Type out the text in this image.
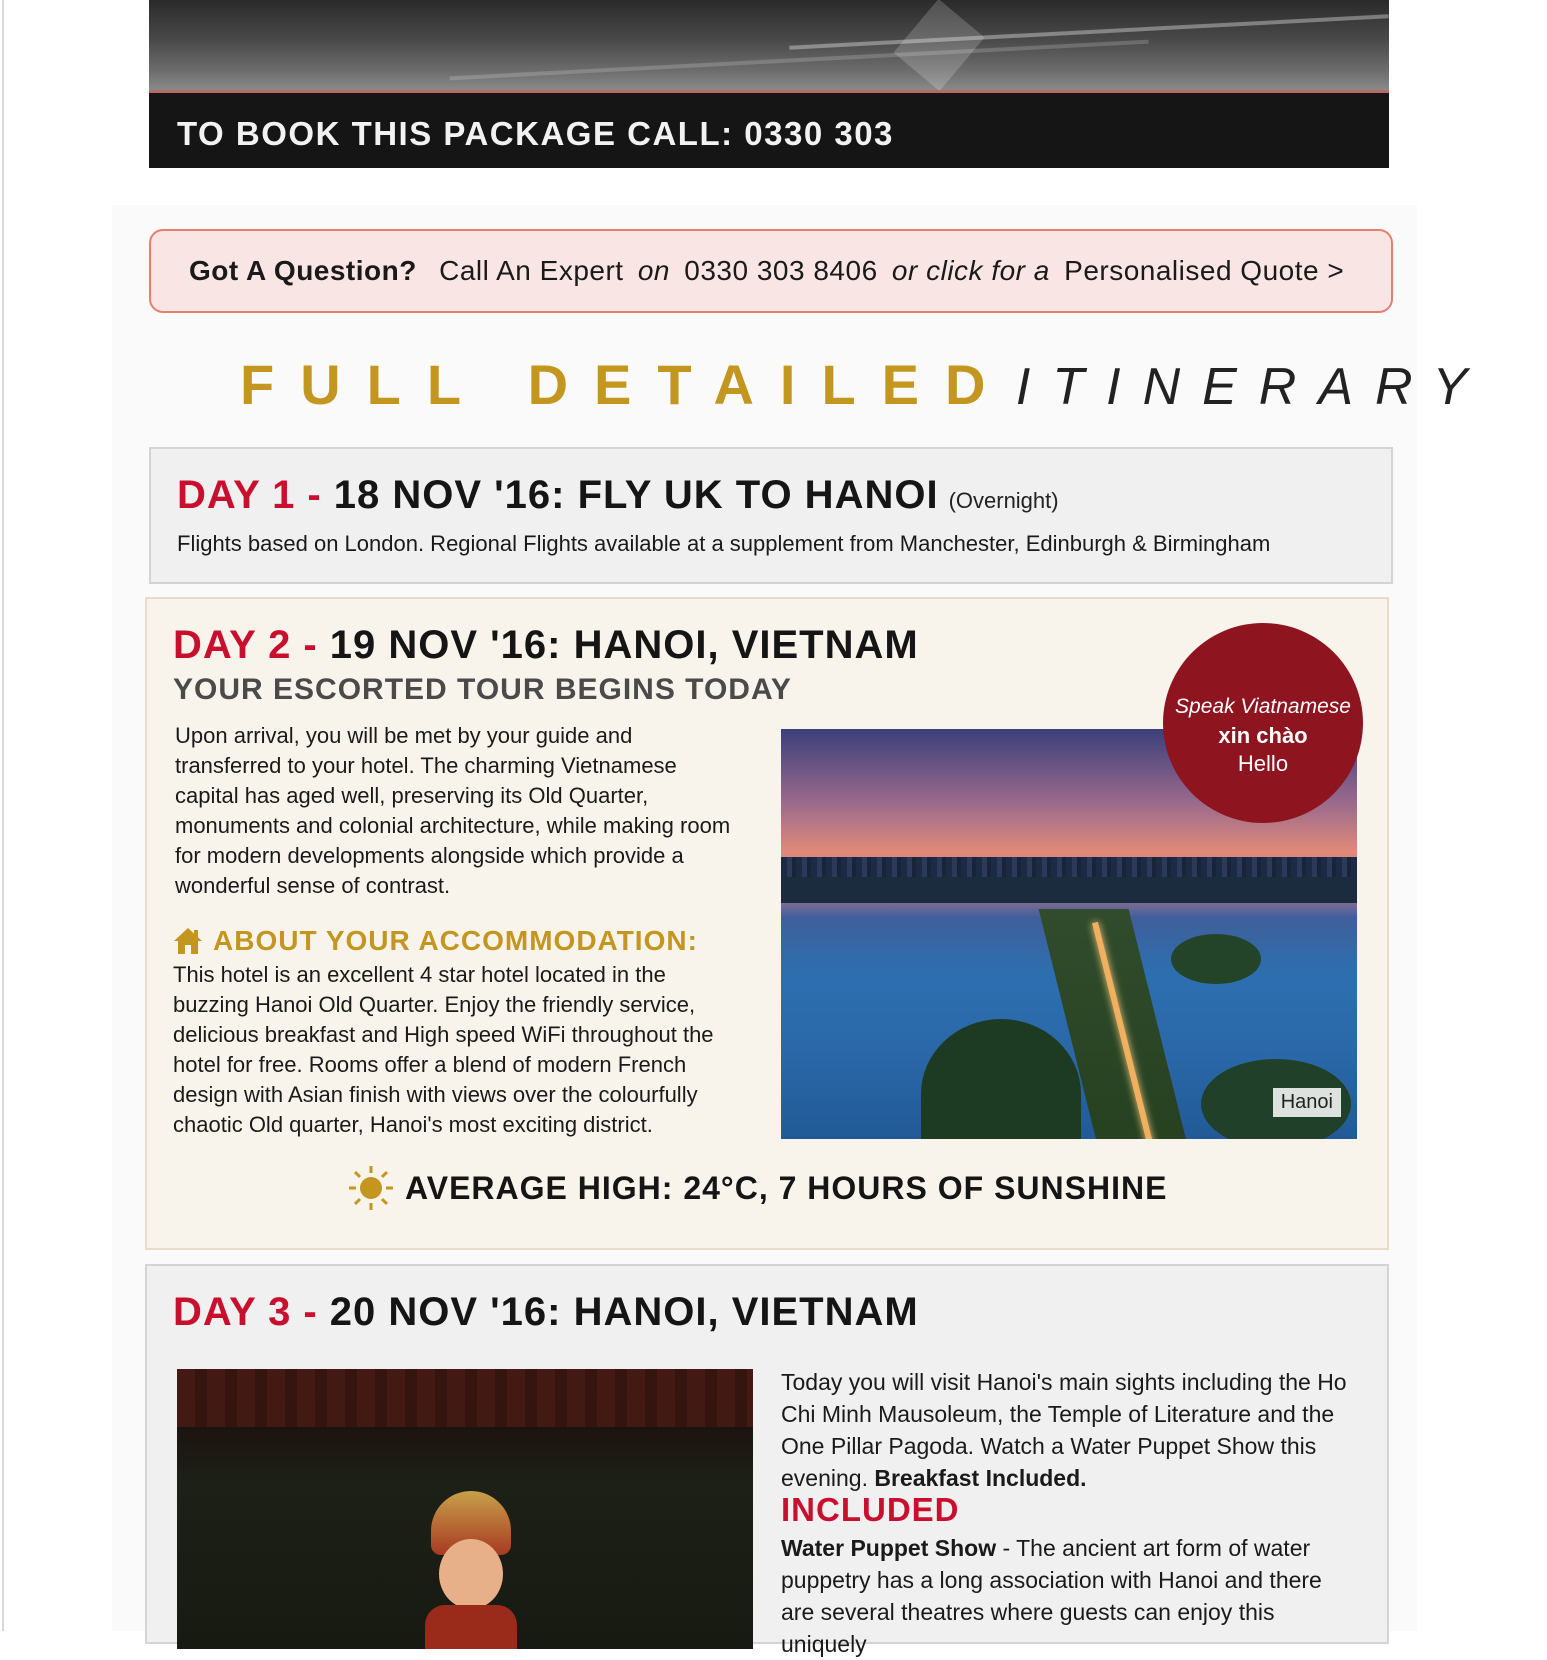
TO BOOK THIS PACKAGE CALL: 0330 303
Got A Question? Call An Expert on 0330 303 8406 or click for a Personalised Quote >
FULL DETAILED ITINERARY
DAY 1 - 18 NOV '16: FLY UK TO HANOI (Overnight)
Flights based on London. Regional Flights available at a supplement from Manchester, Edinburgh & Birmingham
DAY 2 - 19 NOV '16: HANOI, VIETNAM
YOUR ESCORTED TOUR BEGINS TODAY
Upon arrival, you will be met by your guide and transferred to your hotel. The charming Vietnamese capital has aged well, preserving its Old Quarter, monuments and colonial architecture, while making room for modern developments alongside which provide a wonderful sense of contrast.
ABOUT YOUR ACCOMMODATION:
This hotel is an excellent 4 star hotel located in the buzzing Hanoi Old Quarter. Enjoy the friendly service, delicious breakfast and High speed WiFi throughout the hotel for free. Rooms offer a blend of modern French design with Asian finish with views over the colourfully chaotic Old quarter, Hanoi's most exciting district.
Hanoi
Speak Viatnamese
xin chào
Hello
AVERAGE HIGH: 24°C, 7 HOURS OF SUNSHINE
DAY 3 - 20 NOV '16: HANOI, VIETNAM
Today you will visit Hanoi's main sights including the Ho Chi Minh Mausoleum, the Temple of Literature and the One Pillar Pagoda. Watch a Water Puppet Show this evening. Breakfast Included.
INCLUDED
Water Puppet Show - The ancient art form of water puppetry has a long association with Hanoi and there are several theatres where guests can enjoy this uniquely
